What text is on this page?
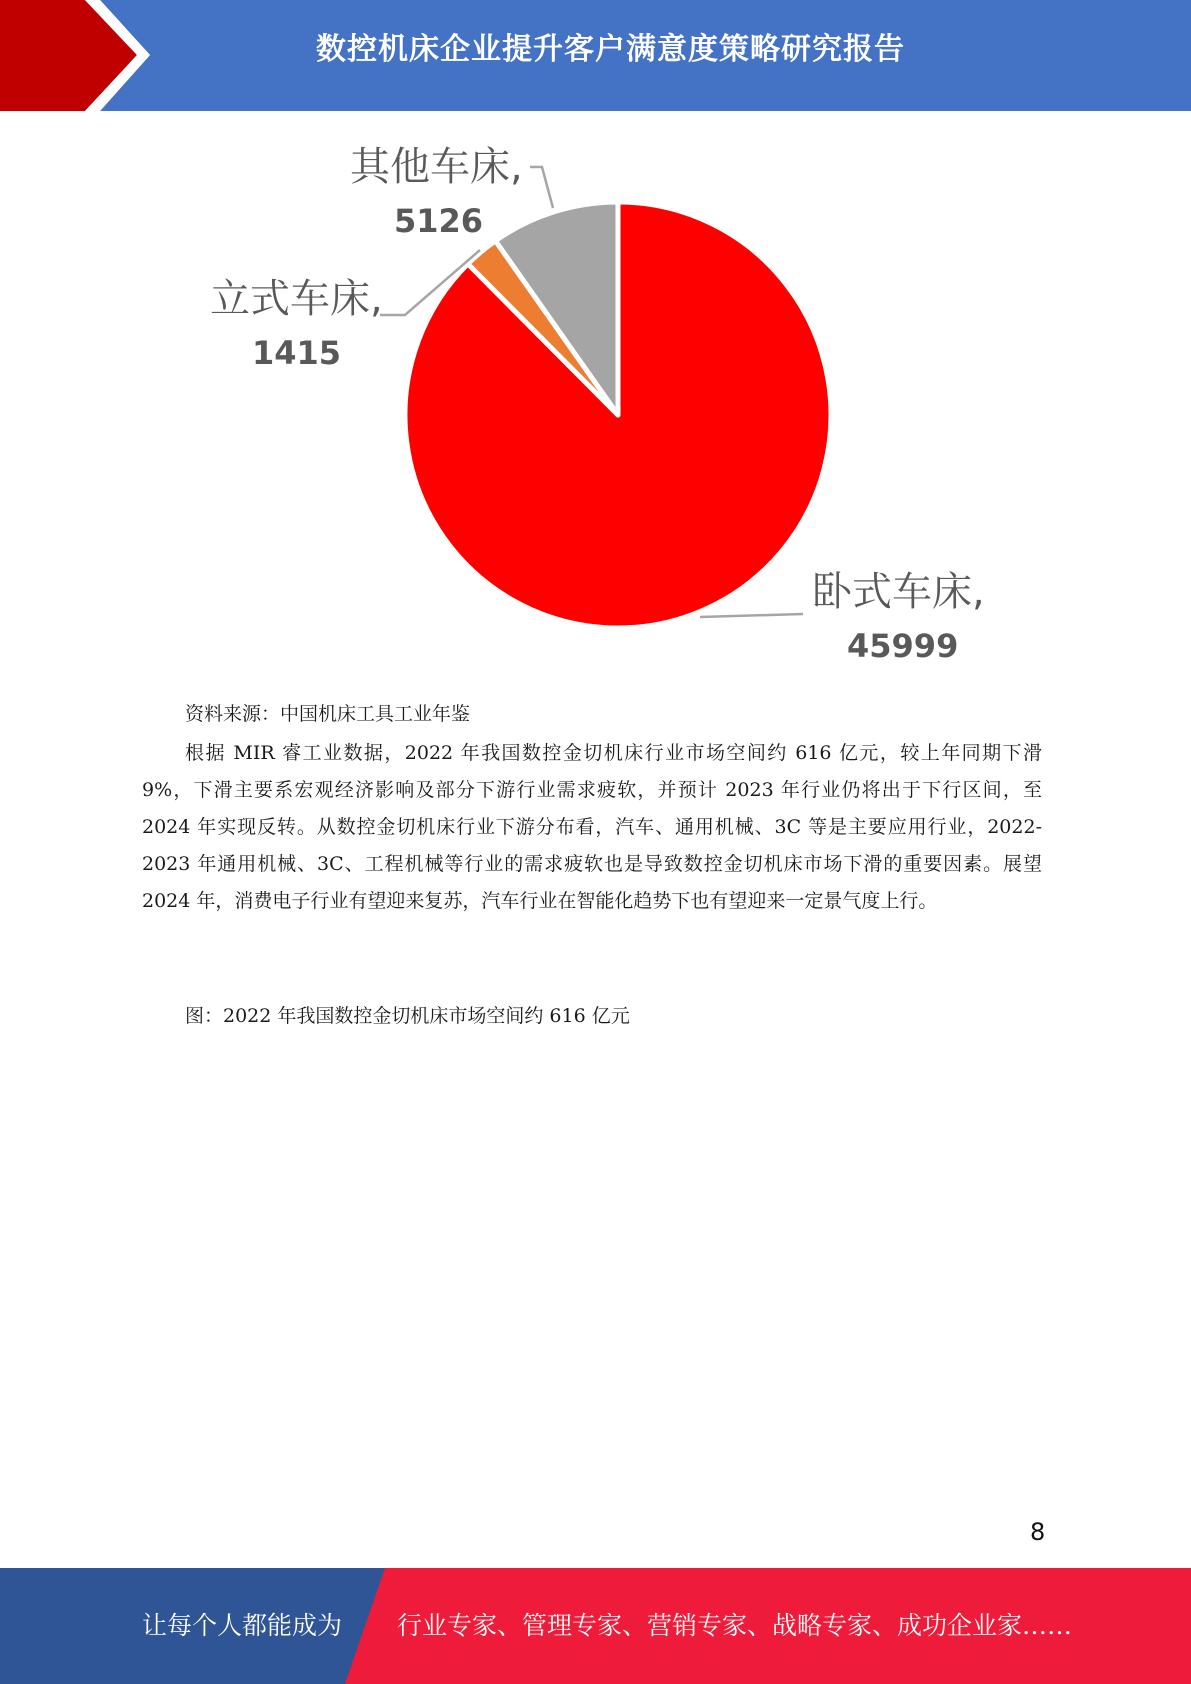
数控机床企业提升客户满意度策略研究报告
卧式车床,
45999
立式车床,
1415
其他车床,
5126
资料来源：中国机床工具工业年鉴
根据 MIR 睿工业数据，2022 年我国数控金切机床行业市场空间约 616 亿元，较上年同期下滑 9%，下滑主要系宏观经济影响及部分下游行业需求疲软，并预计 2023 年行业仍将出于下行区间，至 2024 年实现反转。从数控金切机床行业下游分布看，汽车、通用机械、3C 等是主要应用行业，2022-2023 年通用机械、3C、工程机械等行业的需求疲软也是导致数控金切机床市场下滑的重要因素。展望 2024 年，消费电子行业有望迎来复苏，汽车行业在智能化趋势下也有望迎来一定景气度上行。
图：2022 年我国数控金切机床市场空间约 616 亿元
8
让每个人都能成为 行业专家、管理专家、营销专家、战略专家、成功企业家……
